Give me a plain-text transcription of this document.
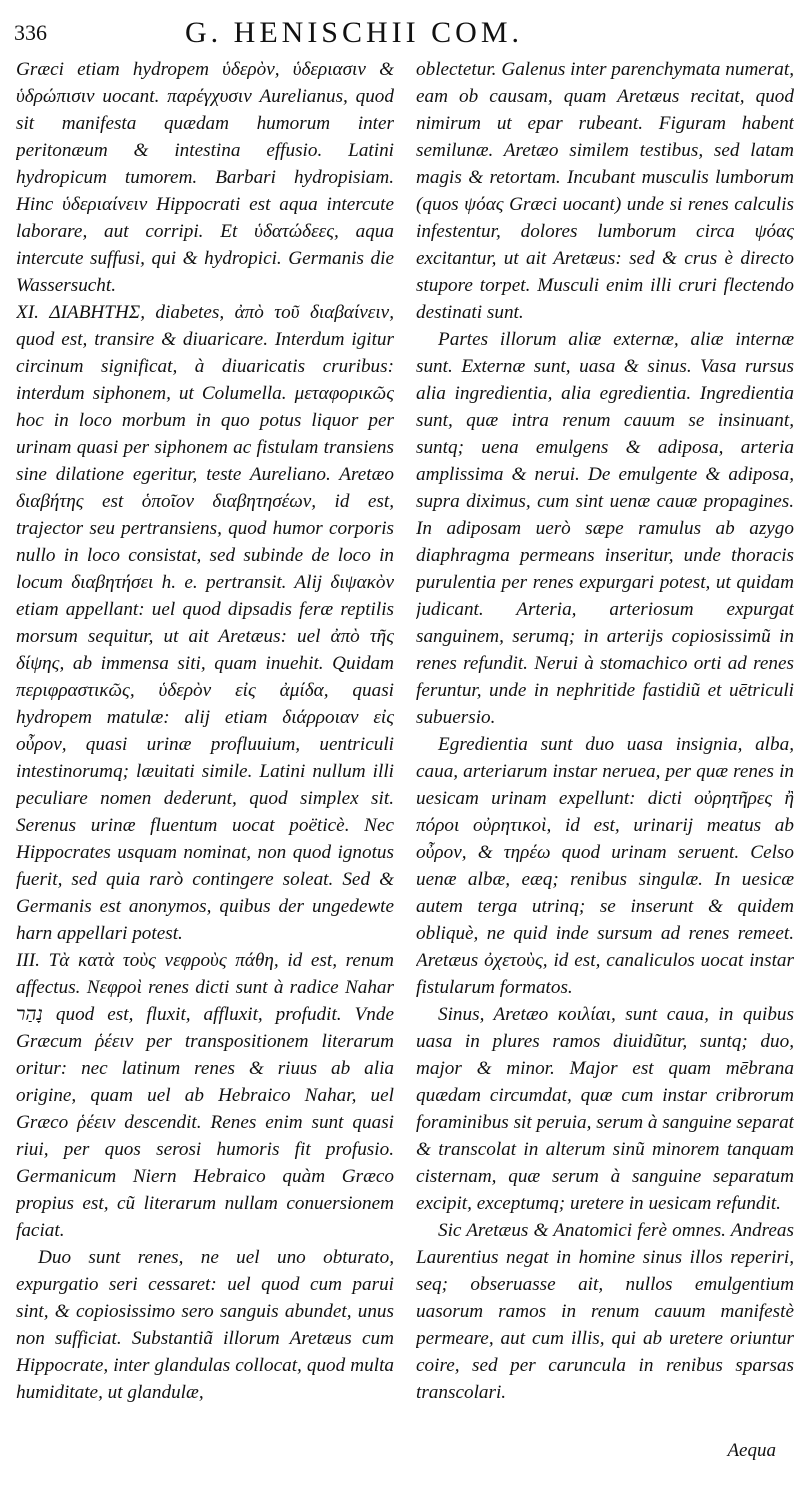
336	G. HENISCHII COM.

Græci etiam hydropem ὑδερὸν, ὑδεριασιν & ὑδρώπισιν uocant. παρέγχυσιν Aurelianus, quod sit manifesta quædam humorum inter peritonæum & intestina effusio. Latini hydropicum tumorem. Barbari hydropisiam. Hinc ὑδεριαίνειν Hippocrati est aqua intercute laborare, aut corripi. Et ὑδατώδεες, aqua intercute suffusi, qui & hydropici. Germanis die Wassersucht.

XI. ΔΙΑΒΗΤΗΣ, diabetes, ἀπὸ τοῦ διαβαίνειν, quod est, transire & diuaricare. Interdum igitur circinum significat, à diuaricatis cruribus: interdum siphonem, ut Columella. μεταφορικῶς hoc in loco morbum in quo potus liquor per urinam quasi per siphonem ac fistulam transiens sine dilatione egeritur, teste Aureliano. Aretæo διαβήτης est ὁποῖον διαβητησέων, id est, trajector seu pertransiens, quod humor corporis nullo in loco consistat, sed subinde de loco in locum διαβητήσει h. e. pertransit. Alij διψακὸν etiam appellant: uel quod dipsadis feræ reptilis morsum sequitur, ut ait Aretæus: uel ἀπὸ τῆς δίψης, ab immensa siti, quam inuehit. Quidam περιφραστικῶς, ὑδερὸν εἰς ἀμίδα, quasi hydropem matulæ: alij etiam διάρροιαν εἰς οὖρον, quasi urinæ profluuium, uentriculi intestinorumq; læuitati simile. Latini nullum illi peculiare nomen dederunt, quod simplex sit. Serenus urinæ fluentum uocat poëticè. Nec Hippocrates usquam nominat, non quod ignotus fuerit, sed quia rarò contingere soleat. Sed & Germanis est anonymos, quibus der ungedewte harn appellari potest.

III. Τὰ κατὰ τοὺς νεφροὺς πάθη, id est, renum affectus. Νεφροὶ renes dicti sunt à radice Nahar נָהַר quod est, fluxit, affluxit, profudit. Vnde Græcum ῥέειν per transpositionem literarum oritur: nec latinum renes & riuus ab alia origine, quam uel ab Hebraico Nahar, uel Græco ῥέειν descendit. Renes enim sunt quasi riui, per quos serosi humoris fit profusio. Germanicum Niern Hebraico quàm Græco propius est, cũ literarum nullam conuersionem faciat.

Duo sunt renes, ne uel uno obturato, expurgatio seri cessaret: uel quod cum parui sint, & copiosissimo sero sanguis abundet, unus non sufficiat. Substantiã illorum Aretæus cum Hippocrate, inter glandulas collocat, quod multa humiditate, ut glandulæ,

oblectetur. Galenus inter parenchymata numerat, eam ob causam, quam Aretæus recitat, quod nimirum ut epar rubeant. Figuram habent semilunæ. Aretæo similem testibus, sed latam magis & retortam. Incubant musculis lumborum (quos ψόας Græci uocant) unde si renes calculis infestentur, dolores lumborum circa ψόας excitantur, ut ait Aretæus: sed & crus è directo stupore torpet. Musculi enim illi cruri flectendo destinati sunt.

Partes illorum aliæ externæ, aliæ internæ sunt. Externæ sunt, uasa & sinus. Vasa rursus alia ingredientia, alia egredientia. Ingredientia sunt, quæ intra renum cauum se insinuant, suntq; uena emulgens & adiposa, arteria amplissima & nerui. De emulgente & adiposa, supra diximus, cum sint uenæ cauæ propagines. In adiposam uerò sæpe ramulus ab azygo diaphragma permeans inseritur, unde thoracis purulentia per renes expurgari potest, ut quidam judicant. Arteria, arteriosum expurgat sanguinem, serumq; in arterijs copiosissimũ in renes refundit. Nerui à stomachico orti ad renes feruntur, unde in nephritide fastidiũ et uētriculi subuersio.

Egredientia sunt duo uasa insignia, alba, caua, arteriarum instar neruea, per quæ renes in uesicam urinam expellunt: dicti οὐρητῆρες ἢ πόροι οὐρητικοὶ, id est, urinarij meatus ab οὖρον, & τηρέω quod urinam seruent. Celso uenæ albæ, eæq; renibus singulæ. In uesicæ autem terga utrinq; se inserunt & quidem obliquè, ne quid inde sursum ad renes remeet. Aretæus ὀχετοὺς, id est, canaliculos uocat instar fistularum formatos.

Sinus, Aretæo κοιλίαι, sunt caua, in quibus uasa in plures ramos diuidũtur, suntq; duo, major & minor. Major est quam mēbrana quædam circumdat, quæ cum instar cribrorum foraminibus sit peruia, serum à sanguine separat & transcolat in alterum sinũ minorem tanquam cisternam, quæ serum à sanguine separatum excipit, exceptumq; uretere in uesicam refundit.

Sic Aretæus & Anatomici ferè omnes. Andreas Laurentius negat in homine sinus illos reperiri, seq; obseruasse ait, nullos emulgentium uasorum ramos in renum cauum manifestè permeare, aut cum illis, qui ab uretere oriuntur coire, sed per caruncula in renibus sparsas transcolari.

Aequa
